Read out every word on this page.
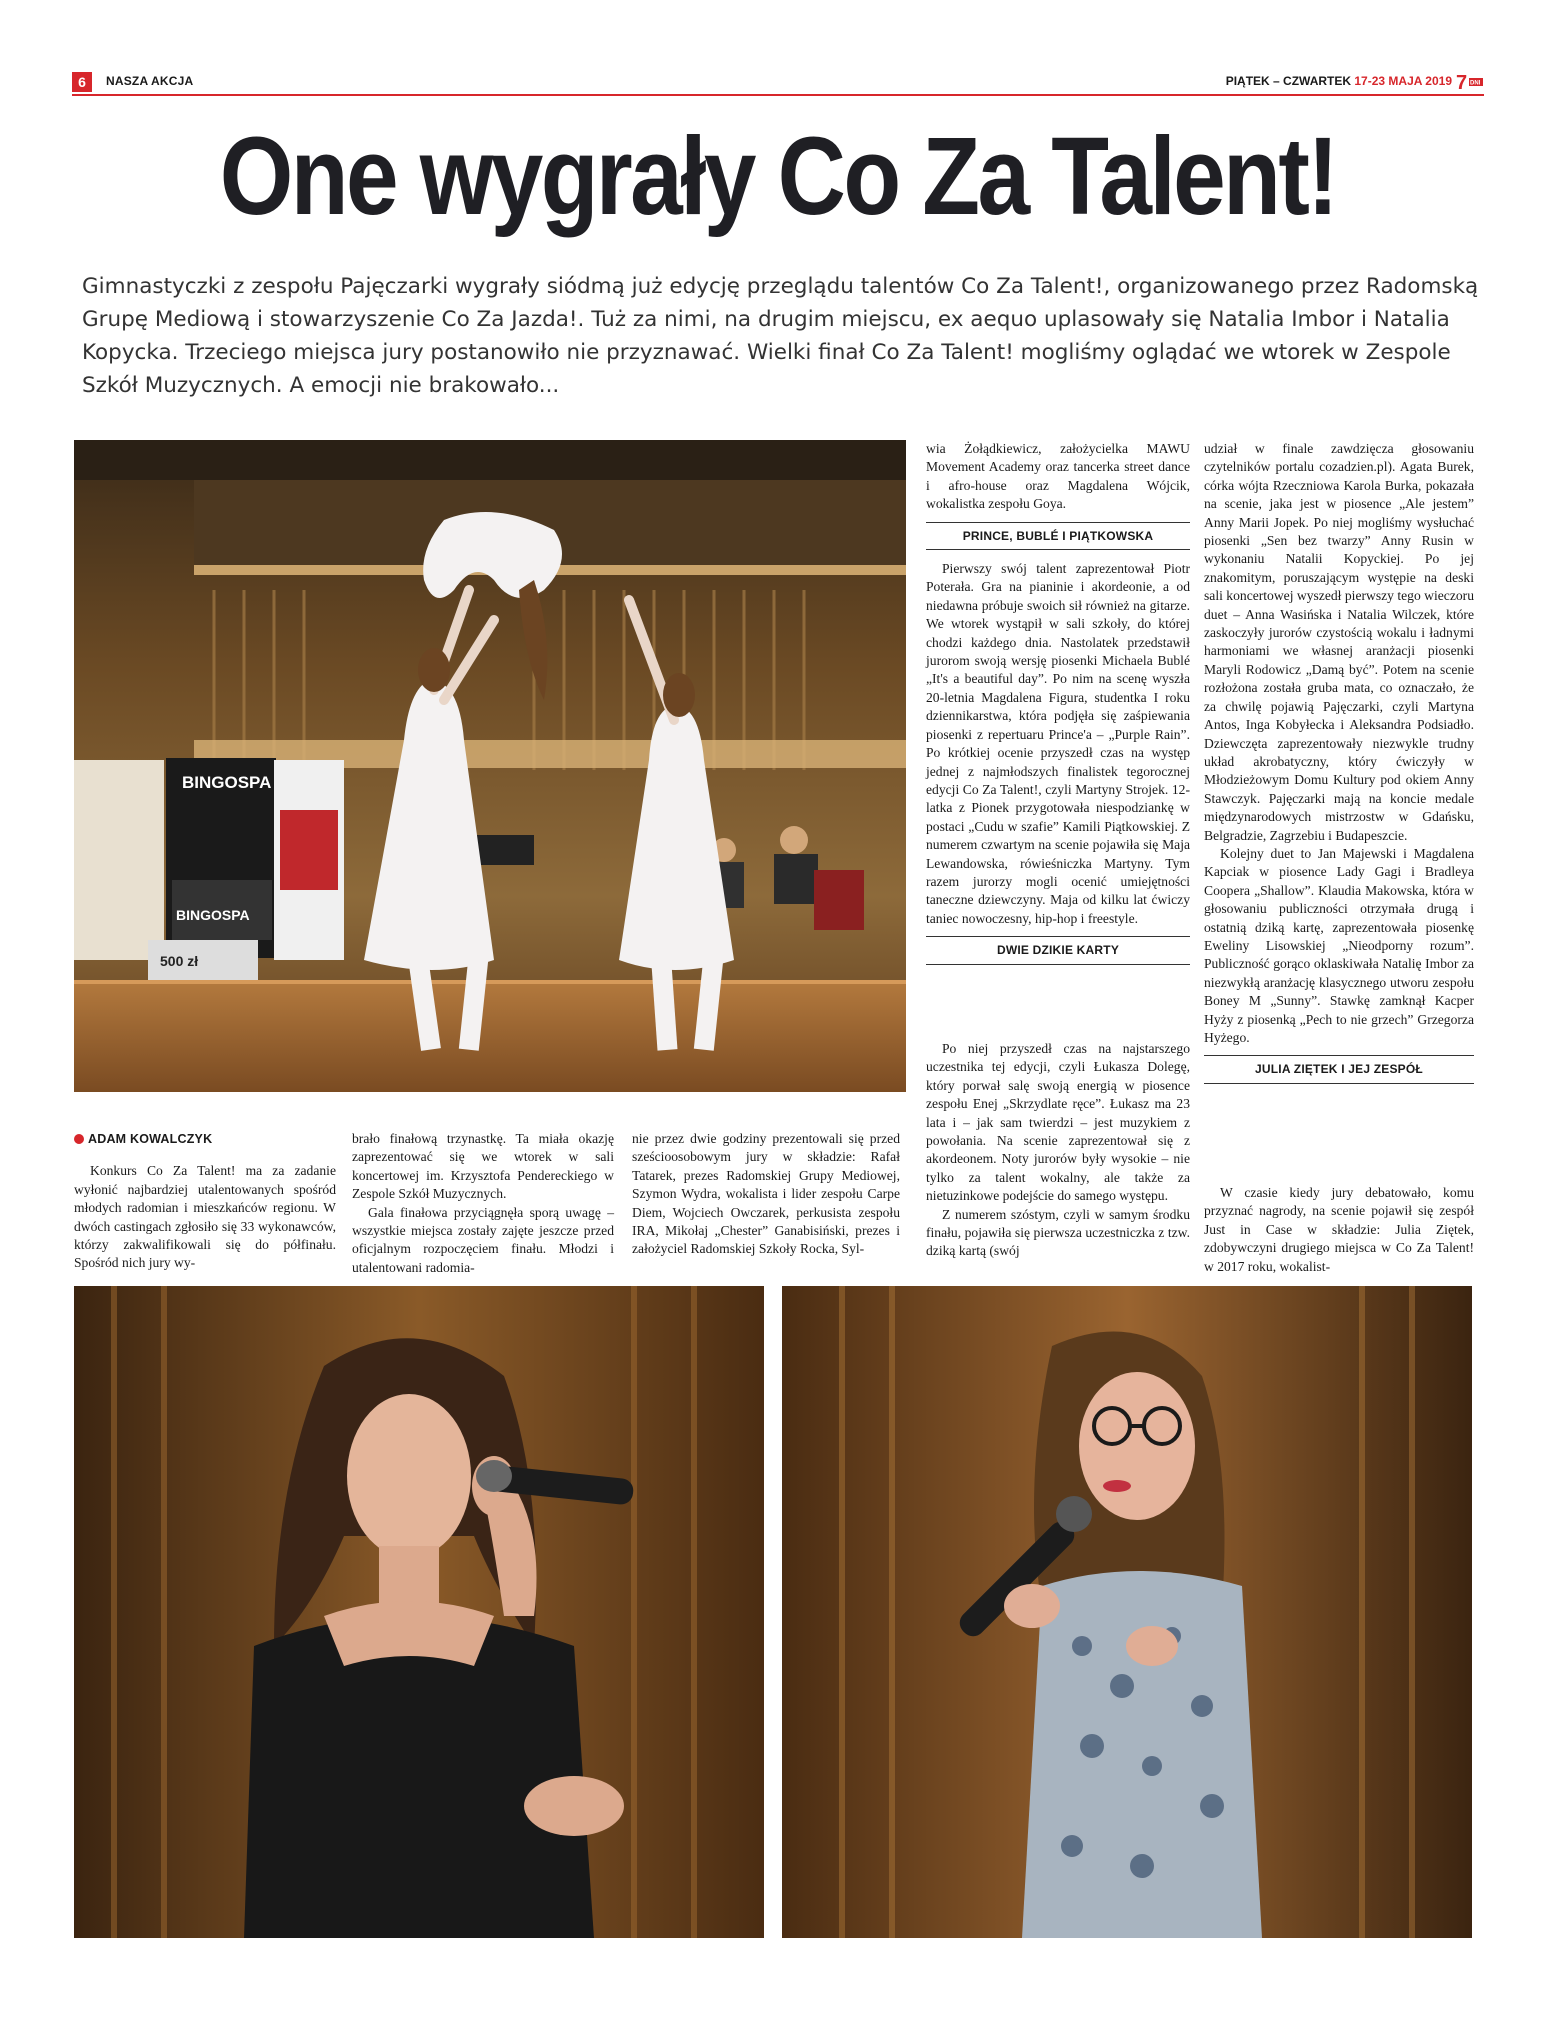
6	NASZA AKCJA	PIĄTEK – CZWARTEK 17-23 MAJA 2019 7 DNI
One wygrały Co Za Talent!

Gimnastyczki z zespołu Pajęczarki wygrały siódmą już edycję przeglądu talentów Co Za Talent!, organizowanego przez Radomską Grupę Mediową i stowarzyszenie Co Za Jazda!. Tuż za nimi, na drugim miejscu, ex aequo uplasowały się Natalia Imbor i Natalia Kopycka. Trzeciego miejsca jury postanowiło nie przyznawać. Wielki finał Co Za Talent! mogliśmy oglądać we wtorek w Zespole Szkół Muzycznych. A emocji nie brakowało...

BINGOSPA
BINGOSPA
500 zł

wia Żołądkiewicz, założycielka MAWU Movement Academy oraz tancerka street dance i afro-house oraz Magdalena Wójcik, wokalistka zespołu Goya.

PRINCE, BUBLÉ I PIĄTKOWSKA

Pierwszy swój talent zaprezentował Piotr Poterała. Gra na pianinie i akordeonie, a od niedawna próbuje swoich sił również na gitarze. We wtorek wystąpił w sali szkoły, do której chodzi każdego dnia. Nastolatek przedstawił jurorom swoją wersję piosenki Michaela Bublé „It's a beautiful day”. Po nim na scenę wyszła 20-letnia Magdalena Figura, studentka I roku dziennikarstwa, która podjęła się zaśpiewania piosenki z repertuaru Prince'a – „Purple Rain”. Po krótkiej ocenie przyszedł czas na występ jednej z najmłodszych finalistek tegorocznej edycji Co Za Talent!, czyli Martyny Strojek. 12-latka z Pionek przygotowała niespodziankę w postaci „Cudu w szafie” Kamili Piątkowskiej. Z numerem czwartym na scenie pojawiła się Maja Lewandowska, rówieśniczka Martyny. Tym razem jurorzy mogli ocenić umiejętności taneczne dziewczyny. Maja od kilku lat ćwiczy taniec nowoczesny, hip-hop i freestyle.

DWIE DZIKIE KARTY

udział w finale zawdzięcza głosowaniu czytelników portalu cozadzien.pl). Agata Burek, córka wójta Rzeczniowa Karola Burka, pokazała na scenie, jaka jest w piosence „Ale jestem” Anny Marii Jopek. Po niej mogliśmy wysłuchać piosenki „Sen bez twarzy” Anny Rusin w wykonaniu Natalii Kopyckiej. Po jej znakomitym, poruszającym występie na deski sali koncertowej wyszedł pierwszy tego wieczoru duet – Anna Wasińska i Natalia Wilczek, które zaskoczyły jurorów czystością wokalu i ładnymi harmoniami we własnej aranżacji piosenki Maryli Rodowicz „Damą być”. Potem na scenie rozłożona została gruba mata, co oznaczało, że za chwilę pojawią Pajęczarki, czyli Martyna Antos, Inga Kobyłecka i Aleksandra Podsiadło. Dziewczęta zaprezentowały niezwykle trudny układ akrobatyczny, który ćwiczyły w Młodzieżowym Domu Kultury pod okiem Anny Stawczyk. Pajęczarki mają na koncie medale międzynarodowych mistrzostw w Gdańsku, Belgradzie, Zagrzebiu i Budapeszcie.

Kolejny duet to Jan Majewski i Magdalena Kapciak w piosence Lady Gagi i Bradleya Coopera „Shallow”. Klaudia Makowska, która w głosowaniu publiczności otrzymała drugą i ostatnią dziką kartę, zaprezentowała piosenkę Eweliny Lisowskiej „Nieodporny rozum”. Publiczność gorąco oklaskiwała Natalię Imbor za niezwykłą aranżację klasycznego utworu zespołu Boney M „Sunny”. Stawkę zamknął Kacper Hyży z piosenką „Pech to nie grzech” Grzegorza Hyżego.

JULIA ZIĘTEK I JEJ ZESPÓŁ
ADAM KOWALCZYK

Konkurs Co Za Talent! ma za zadanie wyłonić najbardziej utalentowanych spośród młodych radomian i mieszkańców regionu. W dwóch castingach zgłosiło się 33 wykonawców, którzy zakwalifikowali się do półfinału. Spośród nich jury wy-

brało finałową trzynastkę. Ta miała okazję zaprezentować się we wtorek w sali koncertowej im. Krzysztofa Pendereckiego w Zespole Szkół Muzycznych.

Gala finałowa przyciągnęła sporą uwagę – wszystkie miejsca zostały zajęte jeszcze przed oficjalnym rozpoczęciem finału. Młodzi i utalentowani radomia-

nie przez dwie godziny prezentowali się przed sześcioosobowym jury w składzie: Rafał Tatarek, prezes Radomskiej Grupy Mediowej, Szymon Wydra, wokalista i lider zespołu Carpe Diem, Wojciech Owczarek, perkusista zespołu IRA, Mikołaj „Chester” Ganabisiński, prezes i założyciel Radomskiej Szkoły Rocka, Syl-

Po niej przyszedł czas na najstarszego uczestnika tej edycji, czyli Łukasza Dolegę, który porwał salę swoją energią w piosence zespołu Enej „Skrzydlate ręce”. Łukasz ma 23 lata i – jak sam twierdzi – jest muzykiem z powołania. Na scenie zaprezentował się z akordeonem. Noty jurorów były wysokie – nie tylko za talent wokalny, ale także za nietuzinkowe podejście do samego występu.

Z numerem szóstym, czyli w samym środku finału, pojawiła się pierwsza uczestniczka z tzw. dziką kartą (swój

W czasie kiedy jury debatowało, komu przyznać nagrody, na scenie pojawił się zespół Just in Case w składzie: Julia Ziętek, zdobywczyni drugiego miejsca w Co Za Talent! w 2017 roku, wokalist-
